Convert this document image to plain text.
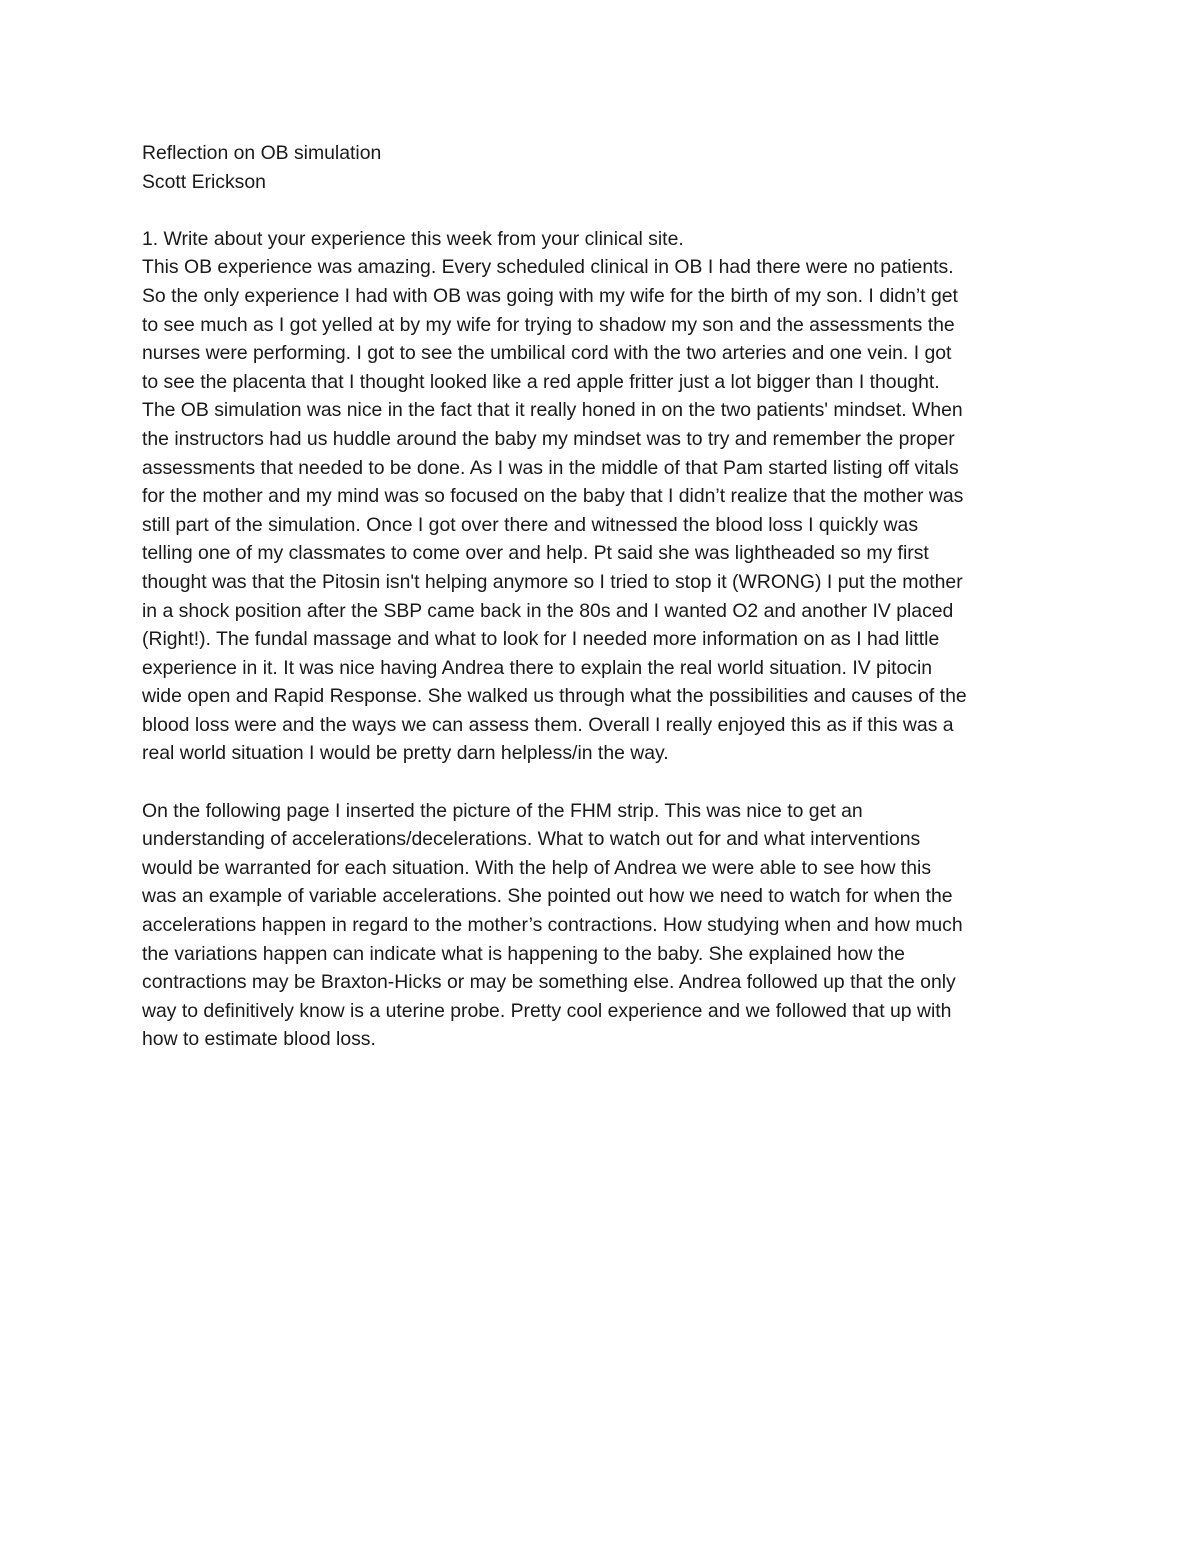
Reflection on OB simulation
Scott Erickson
1. Write about your experience this week from your clinical site.
This OB experience was amazing. Every scheduled clinical in OB I had there were no patients.
So the only experience I had with OB was going with my wife for the birth of my son. I didn’t get
to see much as I got yelled at by my wife for trying to shadow my son and the assessments the
nurses were performing. I got to see the umbilical cord with the two arteries and one vein. I got
to see the placenta that I thought looked like a red apple fritter just a lot bigger than I thought.
The OB simulation was nice in the fact that it really honed in on the two patients' mindset. When
the instructors had us huddle around the baby my mindset was to try and remember the proper
assessments that needed to be done. As I was in the middle of that Pam started listing off vitals
for the mother and my mind was so focused on the baby that I didn’t realize that the mother was
still part of the simulation. Once I got over there and witnessed the blood loss I quickly was
telling one of my classmates to come over and help. Pt said she was lightheaded so my first
thought was that the Pitosin isn't helping anymore so I tried to stop it (WRONG) I put the mother
in a shock position after the SBP came back in the 80s and I wanted O2 and another IV placed
(Right!). The fundal massage and what to look for I needed more information on as I had little
experience in it. It was nice having Andrea there to explain the real world situation. IV pitocin
wide open and Rapid Response. She walked us through what the possibilities and causes of the
blood loss were and the ways we can assess them. Overall I really enjoyed this as if this was a
real world situation I would be pretty darn helpless/in the way.
On the following page I inserted the picture of the FHM strip. This was nice to get an
understanding of accelerations/decelerations. What to watch out for and what interventions
would be warranted for each situation. With the help of Andrea we were able to see how this
was an example of variable accelerations. She pointed out how we need to watch for when the
accelerations happen in regard to the mother’s contractions. How studying when and how much
the variations happen can indicate what is happening to the baby. She explained how the
contractions may be Braxton-Hicks or may be something else. Andrea followed up that the only
way to definitively know is a uterine probe. Pretty cool experience and we followed that up with
how to estimate blood loss.
